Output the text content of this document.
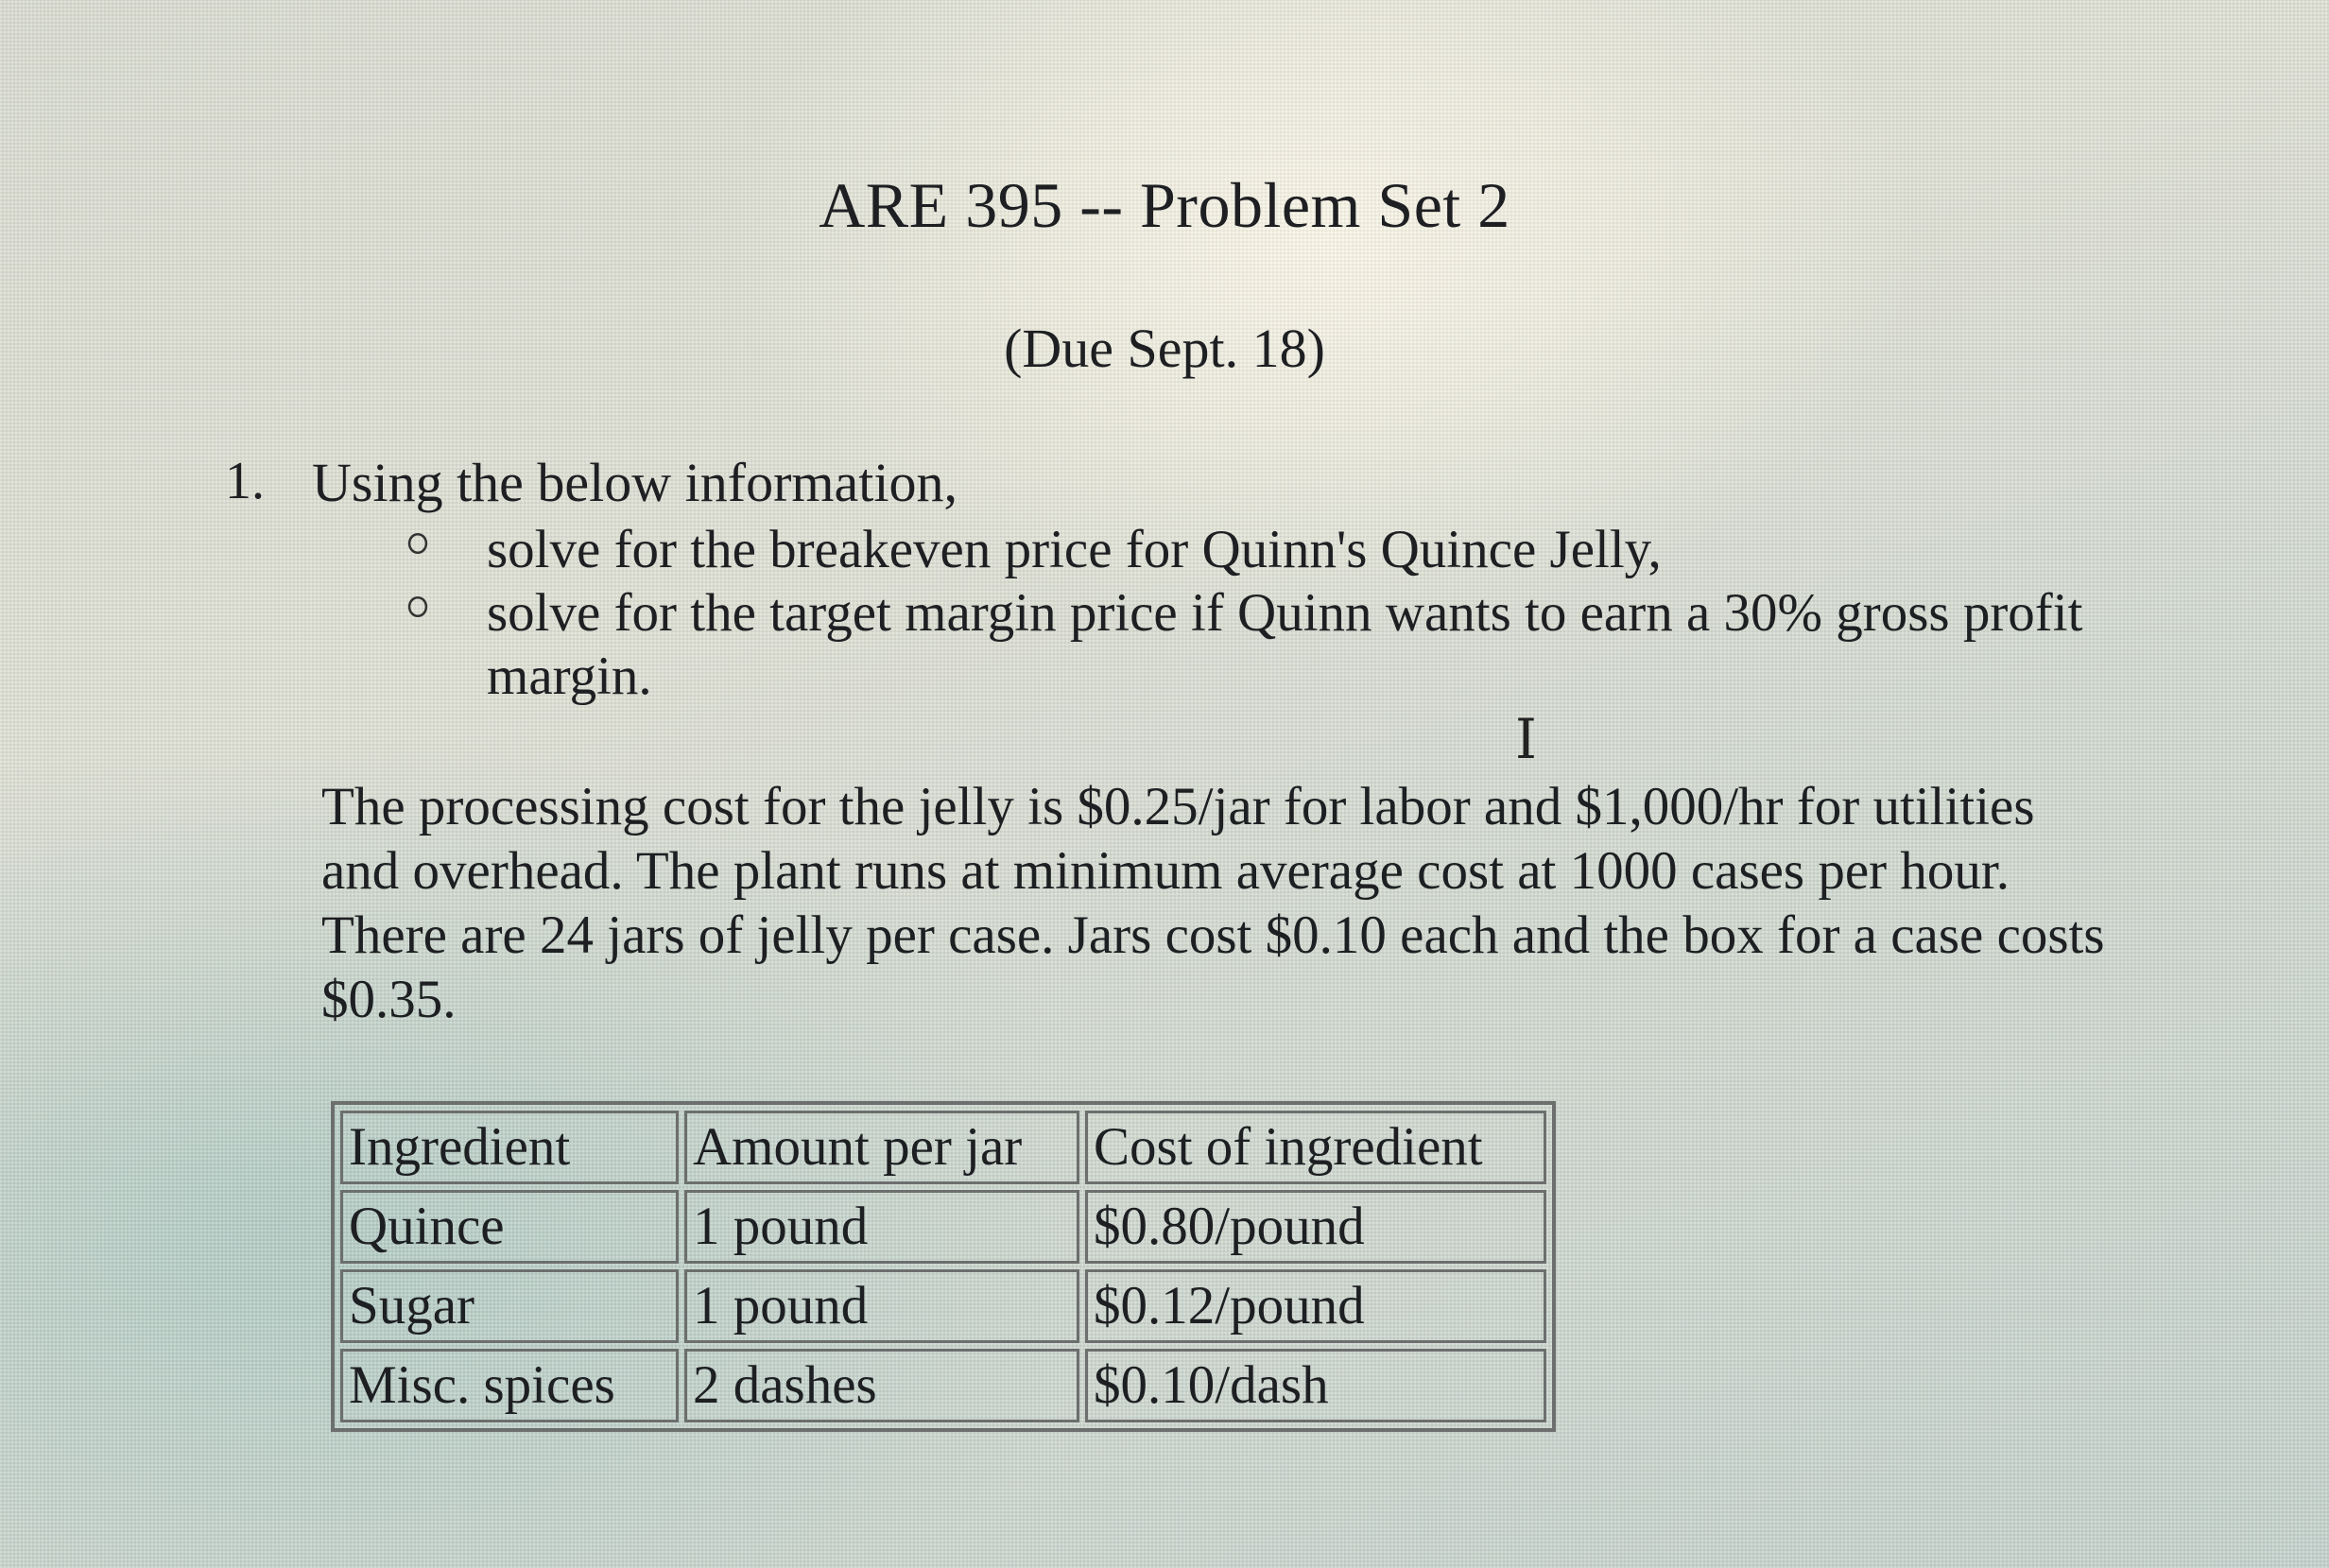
ARE 395 -- Problem Set 2
(Due Sept. 18)
1. Using the below information,
solve for the breakeven price for Quinn's Quince Jelly,
solve for the target margin price if Quinn wants to earn a 30% gross profit margin.
I
The processing cost for the jelly is $0.25/jar for labor and $1,000/hr for utilities and overhead. The plant runs at minimum average cost at 1000 cases per hour. There are 24 jars of jelly per case. Jars cost $0.10 each and the box for a case costs $0.35.
Ingredient	Amount per jar	Cost of ingredient
Quince	1 pound	$0.80/pound
Sugar	1 pound	$0.12/pound
Misc. spices	2 dashes	$0.10/dash
